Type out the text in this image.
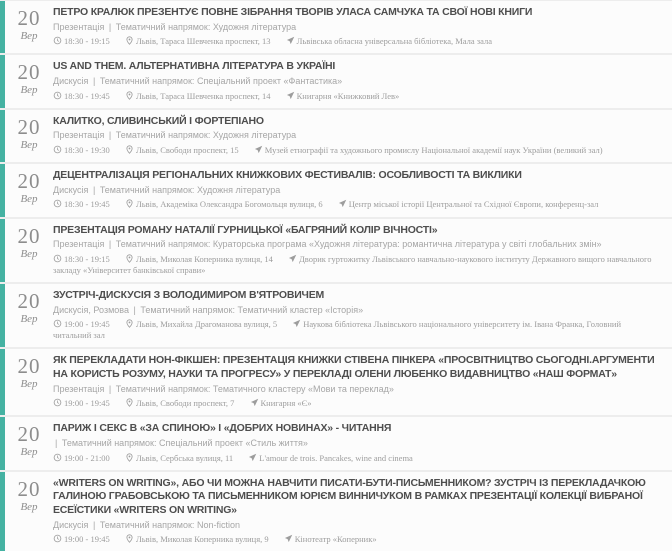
20
Вер
ПЕТРО КРАЛЮК ПРЕЗЕНТУЄ ПОВНЕ ЗІБРАННЯ ТВОРІВ УЛАСА САМЧУКА ТА СВОЇ НОВІ КНИГИ
Презентація | Тематичний напрямок: Художня література
18:30 - 19:15	Львів, Тараса Шевченка проспект, 13	Львівська обласна універсальна бібліотека, Мала зала
20
Вер
US AND THEM. АЛЬТЕРНАТИВНА ЛІТЕРАТУРА В УКРАЇНІ
Дискусія | Тематичний напрямок: Спеціальний проект «Фантастика»
18:30 - 19:45	Львів, Тараса Шевченка проспект, 14	Книгарня «Книжковий Лев»
20
Вер
КАЛИТКО, СЛИВИНСЬКИЙ І ФОРТЕПІАНО
Презентація | Тематичний напрямок: Художня література
18:30 - 19:30	Львів, Свободи проспект, 15	Музей етнографії та художнього промислу Національної академії наук України (великий зал)
20
Вер
ДЕЦЕНТРАЛІЗАЦІЯ РЕГІОНАЛЬНИХ КНИЖКОВИХ ФЕСТИВАЛІВ: ОСОБЛИВОСТІ ТА ВИКЛИКИ
Дискусія | Тематичний напрямок: Художня література
18:30 - 19:45	Львів, Академіка Олександра Богомольця вулиця, 6	Центр міської історії Центральної та Східної Європи, конференц-зал
20
Вер
ПРЕЗЕНТАЦІЯ РОМАНУ НАТАЛІЇ ГУРНИЦЬКОЇ «БАГРЯНИЙ КОЛІР ВІЧНОСТІ»
Презентація | Тематичний напрямок: Кураторська програма «Художня література: романтична література у світі глобальних змін»
18:30 - 19:15	Львів, Миколая Коперника вулиця, 14	Дворик гуртожитку Львівського навчально-наукового інституту Державного вищого навчального закладу «Університет банківської справи»
20
Вер
ЗУСТРІЧ-ДИСКУСІЯ З ВОЛОДИМИРОМ В'ЯТРОВИЧЕМ
Дискусія, Розмова | Тематичний напрямок: Тематичний кластер «Історія»
19:00 - 19:45	Львів, Михайла Драгоманова вулиця, 5	Наукова бібліотека Львівського національного університету ім. Івана Франка, Головний читальний зал
20
Вер
ЯК ПЕРЕКЛАДАТИ НОН-ФІКШЕН: ПРЕЗЕНТАЦІЯ КНИЖКИ СТІВЕНА ПІНКЕРА «ПРОСВІТНИЦТВО СЬОГОДНІ.АРГУМЕНТИ НА КОРИСТЬ РОЗУМУ, НАУКИ ТА ПРОГРЕСУ» У ПЕРЕКЛАДІ ОЛЕНИ ЛЮБЕНКО ВИДАВНИЦТВО «НАШ ФОРМАТ»
Презентація | Тематичний напрямок: Тематичного кластеру «Мови та переклад»
19:00 - 19:45	Львів, Свободи проспект, 7	Книгарня «Є»
20
Вер
ПАРИЖ І СЕКС В «ЗА СПИНОЮ» І «ДОБРИХ НОВИНАХ» - ЧИТАННЯ
| Тематичний напрямок: Спеціальний проект «Стиль життя»
19:00 - 21:00	Львів, Сербська вулиця, 11	L'amour de trois. Pancakes, wine and cinema
20
Вер
«WRITERS ON WRITING», АБО ЧИ МОЖНА НАВЧИТИ ПИСАТИ-БУТИ-ПИСЬМЕННИКОМ? ЗУСТРІЧ ІЗ ПЕРЕКЛАДАЧКОЮ ГАЛИНОЮ ГРАБОВСЬКОЮ ТА ПИСЬМЕННИКОМ ЮРІЄМ ВИННИЧУКОМ В РАМКАХ ПРЕЗЕНТАЦІЇ КОЛЕКЦІЇ ВИБРАНОЇ ЕСЕЇСТИКИ «WRITERS ON WRITING»
Дискусія | Тематичний напрямок: Non-fiction
19:00 - 19:45	Львів, Миколая Коперника вулиця, 9	Кінотеатр «Коперник»
